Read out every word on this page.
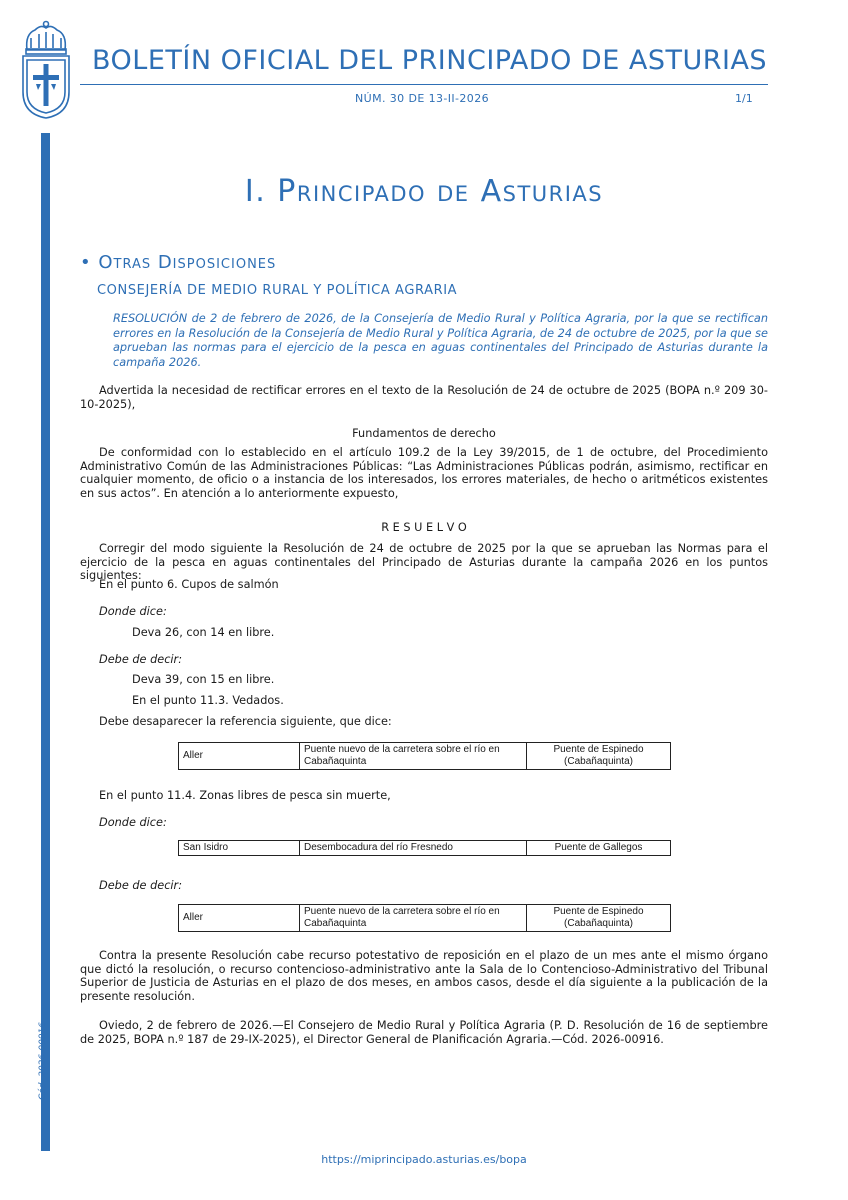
BOLETÍN OFICIAL DEL PRINCIPADO DE ASTURIAS
NÚM. 30 DE 13-II-2026	1/1
Cód. 2026-00916
I. Principado de Asturias
• Otras Disposiciones
CONSEJERÍA DE MEDIO RURAL Y POLÍTICA AGRARIA
RESOLUCIÓN de 2 de febrero de 2026, de la Consejería de Medio Rural y Política Agraria, por la que se rectifican errores en la Resolución de la Consejería de Medio Rural y Política Agraria, de 24 de octubre de 2025, por la que se aprueban las normas para el ejercicio de la pesca en aguas continentales del Principado de Asturias durante la campaña 2026.
Advertida la necesidad de rectificar errores en el texto de la Resolución de 24 de octubre de 2025 (BOPA n.º 209 30-10-2025),
Fundamentos de derecho
De conformidad con lo establecido en el artículo 109.2 de la Ley 39/2015, de 1 de octubre, del Procedimiento Administrativo Común de las Administraciones Públicas: “Las Administraciones Públicas podrán, asimismo, rectificar en cualquier momento, de oficio o a instancia de los interesados, los errores materiales, de hecho o aritméticos existentes en sus actos”. En atención a lo anteriormente expuesto,
R E S U E L V O
Corregir del modo siguiente la Resolución de 24 de octubre de 2025 por la que se aprueban las Normas para el ejercicio de la pesca en aguas continentales del Principado de Asturias durante la campaña 2026 en los puntos siguientes:
En el punto 6. Cupos de salmón
Donde dice:
Deva 26, con 14 en libre.
Debe de decir:
Deva 39, con 15 en libre.
En el punto 11.3. Vedados.
Debe desaparecer la referencia siguiente, que dice:
Aller	Puente nuevo de la carretera sobre el río en Cabañaquinta	Puente de Espinedo (Cabañaquinta)
En el punto 11.4. Zonas libres de pesca sin muerte,
Donde dice:
San Isidro	Desembocadura del río Fresnedo	Puente de Gallegos
Debe de decir:
Aller	Puente nuevo de la carretera sobre el río en Cabañaquinta	Puente de Espinedo (Cabañaquinta)
Contra la presente Resolución cabe recurso potestativo de reposición en el plazo de un mes ante el mismo órgano que dictó la resolución, o recurso contencioso-administrativo ante la Sala de lo Contencioso-Administrativo del Tribunal Superior de Justicia de Asturias en el plazo de dos meses, en ambos casos, desde el día siguiente a la publicación de la presente resolución.
Oviedo, 2 de febrero de 2026.—El Consejero de Medio Rural y Política Agraria (P. D. Resolución de 16 de septiembre de 2025, BOPA n.º 187 de 29-IX-2025), el Director General de Planificación Agraria.—Cód. 2026-00916.
https://miprincipado.asturias.es/bopa
